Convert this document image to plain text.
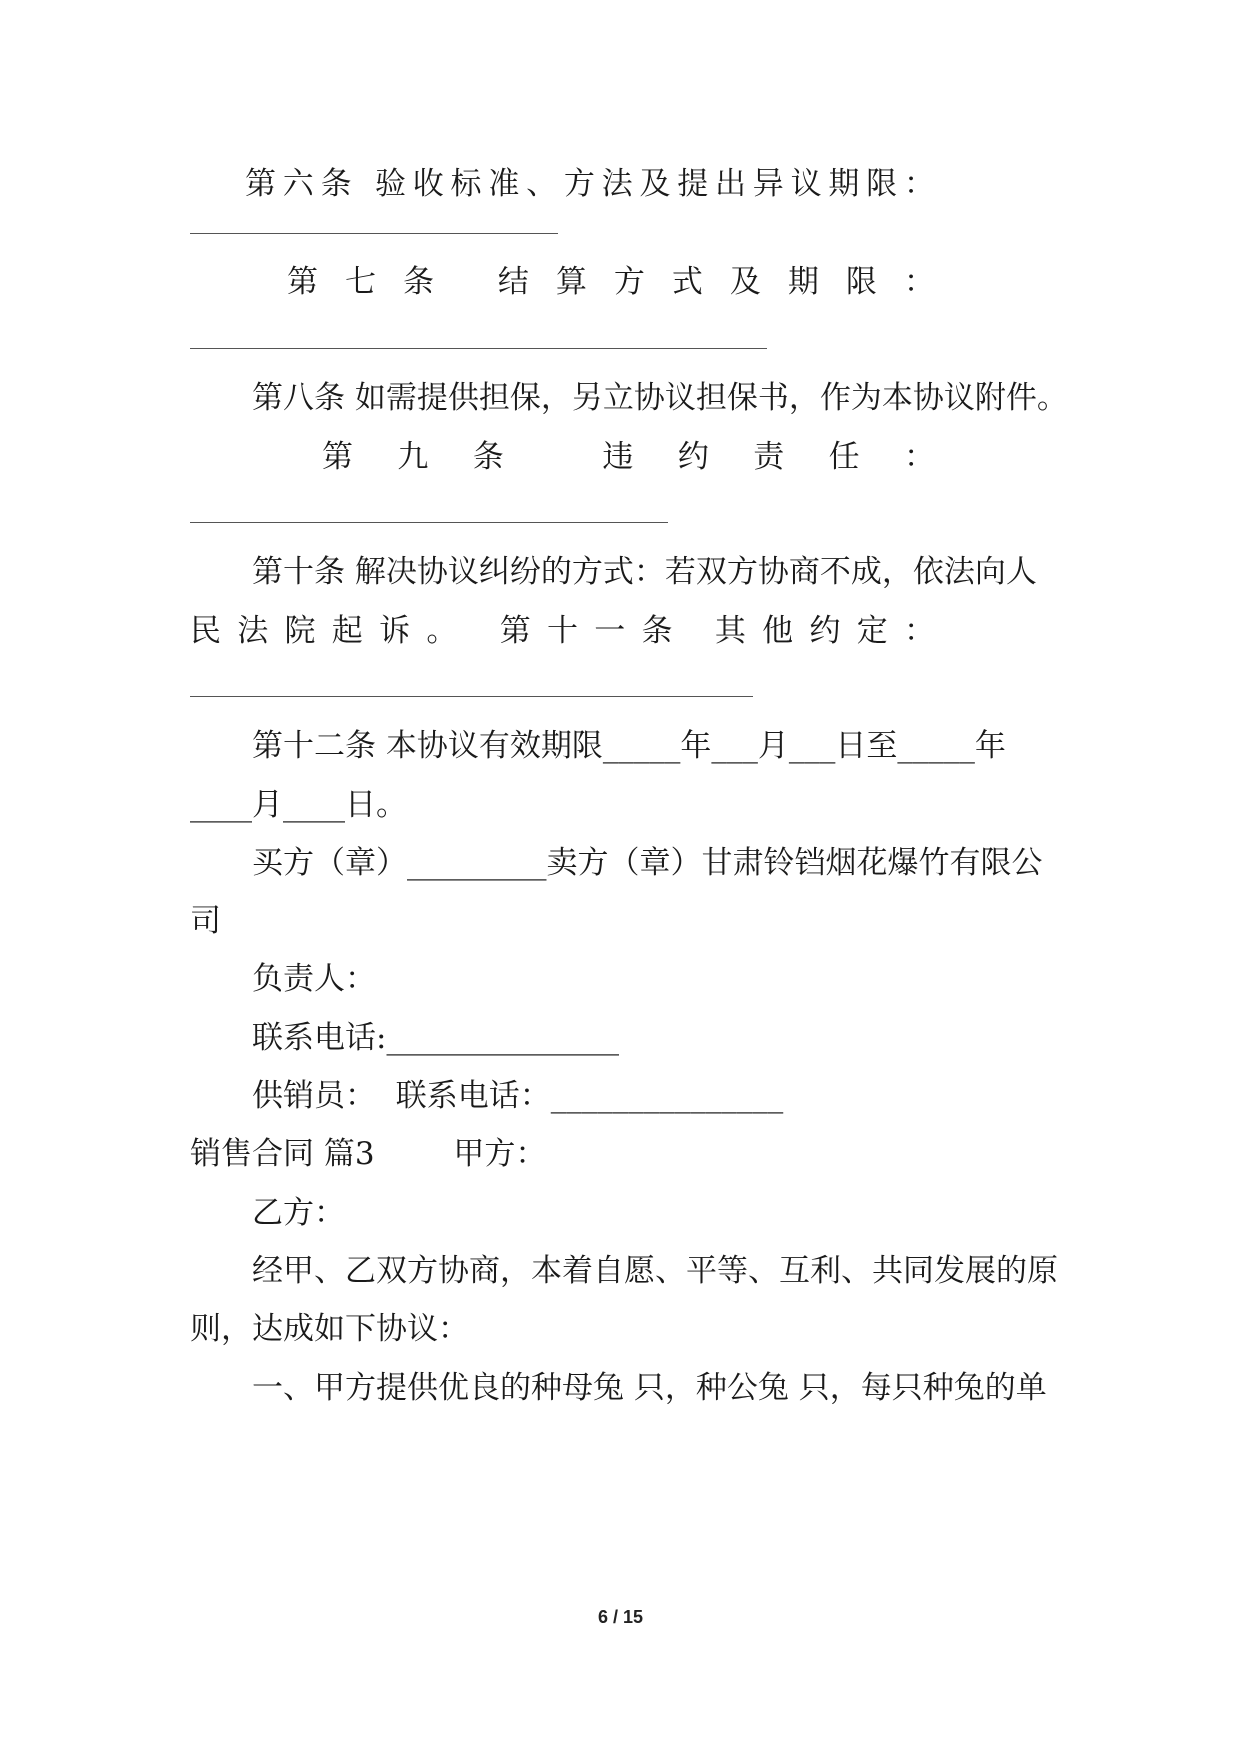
第 六 条
验 收 标 准 、 方 法 及 提 出 异 议 期 限 ：
第 七 条
结 算 方 式 及 期 限 ：
第八条 如需提供担保，另立协议担保书，作为本协议附件。
第 九 条
	违 约 责 任 ：
第十条 解决协议纠纷的方式：若双方协商不成，依法向人
民 法 院 起 诉 。
第 十 一 条
其 他 约 定 ：
第十二条 本协议有效期限_____年___月___日至_____年
____月____日。
买方（章）_________卖方（章）甘肃铃铛烟花爆竹有限公
司
负责人：
联系电话:_______________
供销员：  联系电话：_______________
销售合同 篇3        甲方：
乙方：
经甲、乙双方协商，本着自愿、平等、互利、共同发展的原
则，达成如下协议：
一、甲方提供优良的种母兔 只，种公兔 只，每只种兔的单
6 / 15
